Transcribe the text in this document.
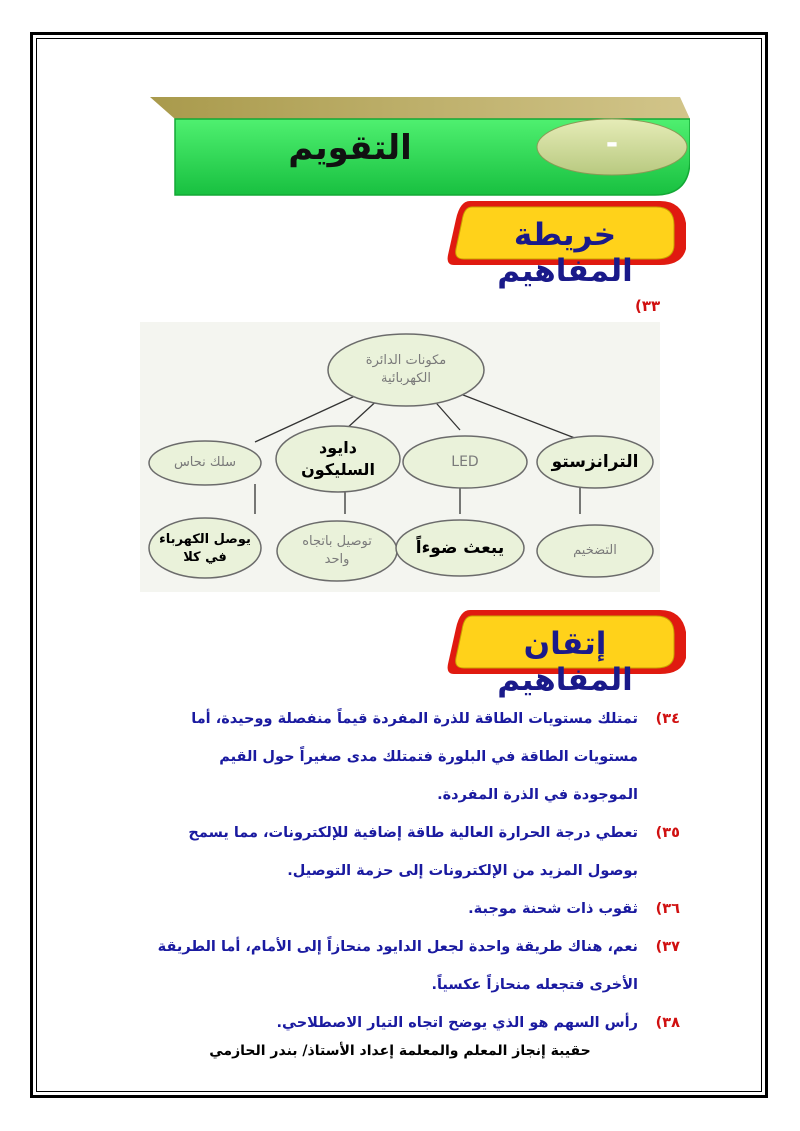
التقويم	-
خريطة المفاهيم
٣٣)
مكونات الدائرة
الكهربائية
سلك نحاس
دايود
السليكون	LED	الترانزستو
يوصل الكهرباء
في كلا
توصيل باتجاه
واحد
يبعث ضوءاً	التضخيم
إتقان المفاهيم

٣٤)
تمتلك مستويات الطاقة للذرة المفردة قيماً منفصلة ووحيدة، أما مستويات الطاقة في البلورة فتمتلك مدى صغيراً حول القيم الموجودة في الذرة المفردة.

٣٥)
تعطي درجة الحرارة العالية طاقة إضافية للإلكترونات، مما يسمح بوصول المزيد من الإلكترونات إلى حزمة التوصيل.

٣٦)
ثقوب ذات شحنة موجبة.

٣٧)
نعم، هناك طريقة واحدة لجعل الدايود منحازاً إلى الأمام، أما الطريقة الأخرى فتجعله منحازاً عكسياً.

٣٨)
رأس السهم هو الذي يوضح اتجاه التيار الاصطلاحي.

حقيبة إنجاز المعلم والمعلمة إعداد الأستاذ/ بندر الحازمي
